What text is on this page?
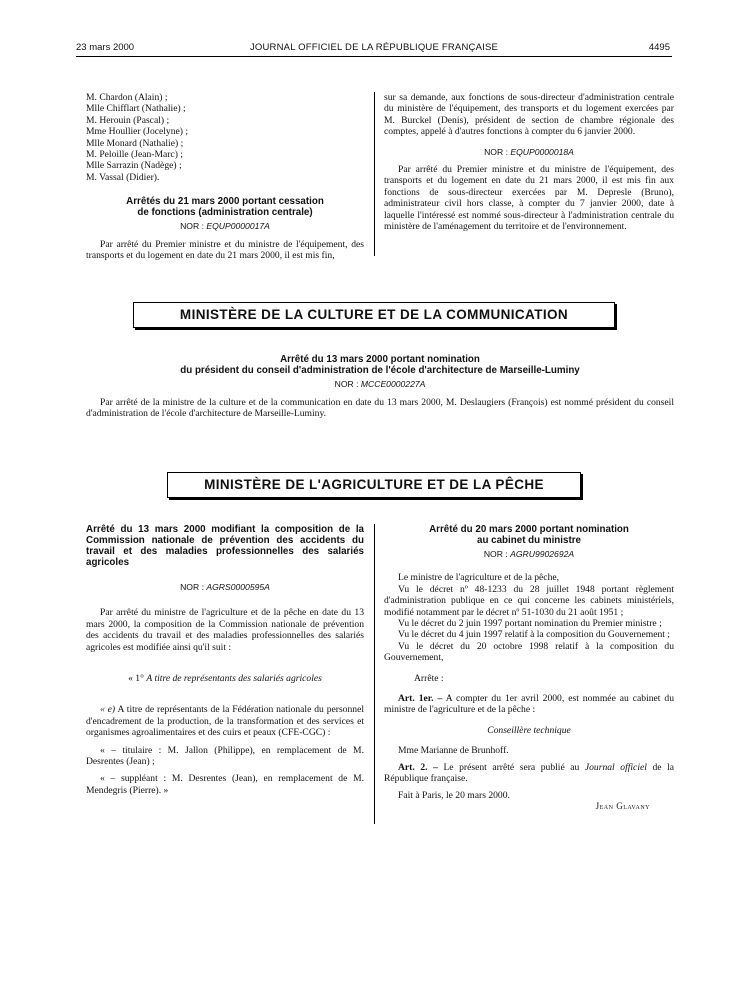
23 mars 2000	JOURNAL OFFICIEL DE LA RÉPUBLIQUE FRANÇAISE	4495
M. Chardon (Alain) ;
Mlle Chifflart (Nathalie) ;
M. Herouin (Pascal) ;
Mme Houllier (Jocelyne) ;
Mlle Monard (Nathalie) ;
M. Peloille (Jean-Marc) ;
Mlle Sarrazin (Nadège) ;
M. Vassal (Didier).
Arrêtés du 21 mars 2000 portant cessation
de fonctions (administration centrale)
NOR : EQUP0000017A

Par arrêté du Premier ministre et du ministre de l'équipement, des transports et du logement en date du 21 mars 2000, il est mis fin,

sur sa demande, aux fonctions de sous-directeur d'administration centrale du ministère de l'équipement, des transports et du logement exercées par M. Burckel (Denis), président de section de chambre régionale des comptes, appelé à d'autres fonctions à compter du 6 janvier 2000.

NOR : EQUP0000018A

Par arrêté du Premier ministre et du ministre de l'équipement, des transports et du logement en date du 21 mars 2000, il est mis fin aux fonctions de sous-directeur exercées par M. Depresle (Bruno), administrateur civil hors classe, à compter du 7 janvier 2000, date à laquelle l'intéressé est nommé sous-directeur à l'administration centrale du ministère de l'aménagement du territoire et de l'environnement.

MINISTÈRE DE LA CULTURE ET DE LA COMMUNICATION
Arrêté du 13 mars 2000 portant nomination
du président du conseil d'administration de l'école d'architecture de Marseille-Luminy
NOR : MCCE0000227A

Par arrêté de la ministre de la culture et de la communication en date du 13 mars 2000, M. Deslaugiers (François) est nommé président du conseil d'administration de l'école d'architecture de Marseille-Luminy.

MINISTÈRE DE L'AGRICULTURE ET DE LA PÊCHE
Arrêté du 13 mars 2000 modifiant la composition de la Commission nationale de prévention des accidents du travail et des maladies professionnelles des salariés agricoles
NOR : AGRS0000595A

Par arrêté du ministre de l'agriculture et de la pêche en date du 13 mars 2000, la composition de la Commission nationale de prévention des accidents du travail et des maladies professionnelles des salariés agricoles est modifiée ainsi qu'il suit :

« 1° A titre de représentants des salariés agricoles

« e) A titre de représentants de la Fédération nationale du personnel d'encadrement de la production, de la transformation et des services et organismes agroalimentaires et des cuirs et peaux (CFE-CGC) :

« – titulaire : M. Jallon (Philippe), en remplacement de M. Desrentes (Jean) ;

« – suppléant : M. Desrentes (Jean), en remplacement de M. Mendegris (Pierre). »

Arrêté du 20 mars 2000 portant nomination
au cabinet du ministre
NOR : AGRU9902692A

Le ministre de l'agriculture et de la pêche,

Vu le décret nº 48-1233 du 28 juillet 1948 portant règlement d'administration publique en ce qui concerne les cabinets ministériels, modifié notamment par le décret nº 51-1030 du 21 août 1951 ;

Vu le décret du 2 juin 1997 portant nomination du Premier ministre ;

Vu le décret du 4 juin 1997 relatif à la composition du Gouvernement ;

Vu le décret du 20 octobre 1998 relatif à la composition du Gouvernement,

Arrête :

Art. 1er. – A compter du 1er avril 2000, est nommée au cabinet du ministre de l'agriculture et de la pêche :

Conseillère technique

Mme Marianne de Brunhoff.

Art. 2. – Le présent arrêté sera publié au Journal officiel de la République française.

Fait à Paris, le 20 mars 2000.

Jean Glavany
